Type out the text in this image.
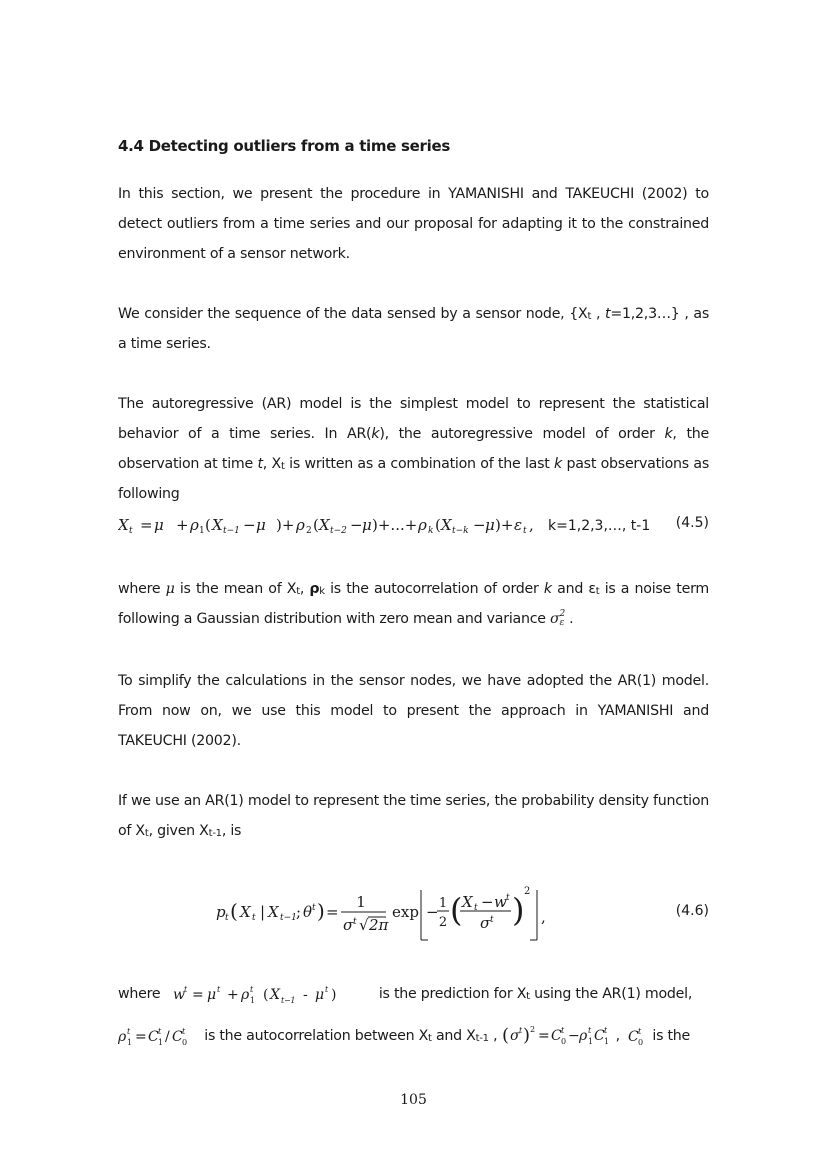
4.4 Detecting outliers from a time series
In this section, we present the procedure in YAMANISHI and TAKEUCHI (2002) to detect outliers from a time series and our proposal for adapting it to the constrained environment of a sensor network.
We consider the sequence of the data sensed by a sensor node, {$X_t$ , t=1,2,3…} , as a time series.
The autoregressive (AR) model is the simplest model to represent the statistical behavior of a time series. In AR(k), the autoregressive model of order k, the observation at time t, $X_t$ is written as a combination of the last k past observations as following
X t = μ + ρ 1 ( X t−1 − μ )+ ρ 2 ( X t−2 − μ )+...+ ρ k ( X t−k − μ )+ ε t , k=1,2,3,…, t-1 (4.5)
where μ is the mean of $X_t$, $\rho_k$ is the autocorrelation of order k and $\varepsilon_t$ is a noise term following a Gaussian distribution with zero mean and variance σ 2
ε .
To simplify the calculations in the sensor nodes, we have adopted the AR(1) model. From now on, we use this model to present the approach in YAMANISHI and TAKEUCHI (2002).
If we use an AR(1) model to represent the time series, the probability density function of $X_t$, given $X_{t-1}$, is
p t ( X t | X t−1 ; θ t ) =
1
σ t √ 2π
exp − 1
2 ( X t − w t
σ t ) 2
,	(4.6)
where w t = μ t + ρ t
1 ( X t−1 - μ t )	is the prediction for $X_t$ using the AR(1) model,
ρ t
1 = C t
1 / C t
0 is the autocorrelation between $X_t$ and $X_{t-1}$ , ( σ t ) 2 = C t
0 − ρ t
1 C t
1 , C t
0 is the
105
